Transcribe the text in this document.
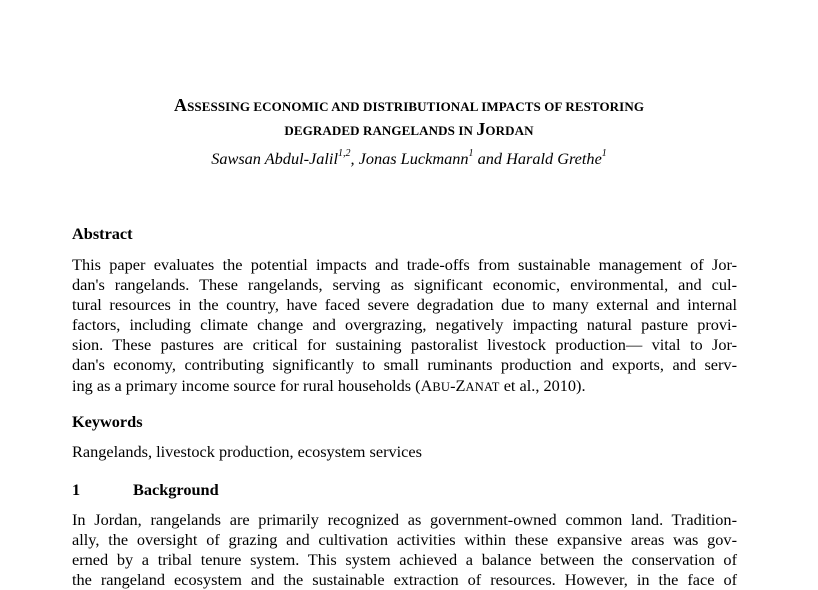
ASSESSING ECONOMIC AND DISTRIBUTIONAL IMPACTS OF RESTORING
DEGRADED RANGELANDS IN JORDAN
Sawsan Abdul-Jalil$^{1,2}$, Jonas Luckmann$^1$ and Harald Grethe$^1$
Abstract
This paper evaluates the potential impacts and trade-offs from sustainable management of Jor-
dan's rangelands. These rangelands, serving as significant economic, environmental, and cul-
tural resources in the country, have faced severe degradation due to many external and internal
factors, including climate change and overgrazing, negatively impacting natural pasture provi-
sion. These pastures are critical for sustaining pastoralist livestock production— vital to Jor-
dan's economy, contributing significantly to small ruminants production and exports, and serv-
ing as a primary income source for rural households (ABU-ZANAT et al., 2010).
Keywords
Rangelands, livestock production, ecosystem services
1	Background
In Jordan, rangelands are primarily recognized as government-owned common land. Tradition-
ally, the oversight of grazing and cultivation activities within these expansive areas was gov-
erned by a tribal tenure system. This system achieved a balance between the conservation of
the rangeland ecosystem and the sustainable extraction of resources. However, in the face of
